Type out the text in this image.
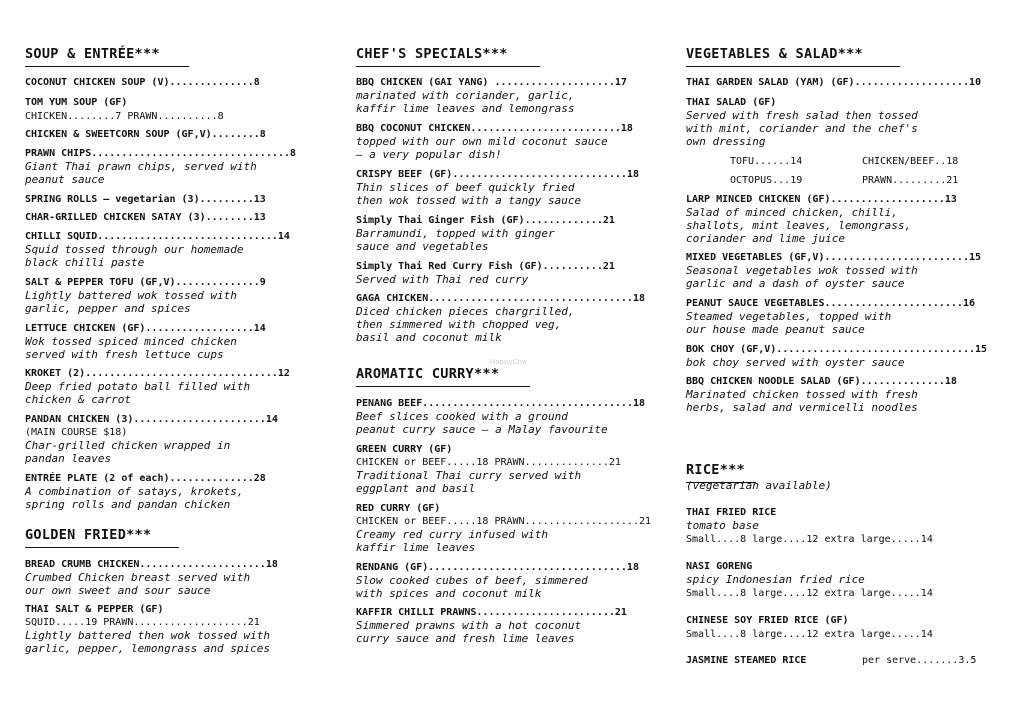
SOUP & ENTRÉE***
COCONUT CHICKEN SOUP (V)..............8
TOM YUM SOUP (GF)
CHICKEN........7 PRAWN..........8
CHICKEN & SWEETCORN SOUP (GF,V)........8
PRAWN CHIPS.................................8
Giant Thai prawn chips, served with
peanut sauce
SPRING ROLLS – vegetarian (3).........13
CHAR-GRILLED CHICKEN SATAY (3)........13
CHILLI SQUID..............................14
Squid tossed through our homemade
black chilli paste
SALT & PEPPER TOFU (GF,V)..............9
Lightly battered wok tossed with
garlic, pepper and spices
LETTUCE CHICKEN (GF)..................14
Wok tossed spiced minced chicken
served with fresh lettuce cups
KROKET (2)................................12
Deep fried potato ball filled with
chicken & carrot
PANDAN CHICKEN (3)......................14
(MAIN COURSE $18)
Char-grilled chicken wrapped in
pandan leaves
ENTRÉE PLATE (2 of each)..............28
A combination of satays, krokets,
spring rolls and pandan chicken
GOLDEN FRIED***
BREAD CRUMB CHICKEN.....................18
Crumbed Chicken breast served with
our own sweet and sour sauce
THAI SALT & PEPPER (GF)
SQUID.....19 PRAWN...................21
Lightly battered then wok tossed with
garlic, pepper, lemongrass and spices
CHEF'S SPECIALS***
BBQ CHICKEN (GAI YANG) ....................17
marinated with coriander, garlic,
kaffir lime leaves and lemongrass
BBQ COCONUT CHICKEN.........................18
topped with our own mild coconut sauce
– a very popular dish!
CRISPY BEEF (GF).............................18
Thin slices of beef quickly fried
then wok tossed with a tangy sauce
Simply Thai Ginger Fish (GF).............21
Barramundi, topped with ginger
sauce and vegetables
Simply Thai Red Curry Fish (GF)..........21
Served with Thai red curry
GAGA CHICKEN..................................18
Diced chicken pieces chargrilled,
then simmered with chopped veg,
basil and coconut milk
HappyCow
AROMATIC CURRY***
PENANG BEEF...................................18
Beef slices cooked with a ground
peanut curry sauce – a Malay favourite
GREEN CURRY (GF)
CHICKEN or BEEF.....18 PRAWN..............21
Traditional Thai curry served with
eggplant and basil
RED CURRY (GF)
CHICKEN or BEEF.....18 PRAWN...................21
Creamy red curry infused with
kaffir lime leaves
RENDANG (GF).................................18
Slow cooked cubes of beef, simmered
with spices and coconut milk
KAFFIR CHILLI PRAWNS.......................21
Simmered prawns with a hot coconut
curry sauce and fresh lime leaves
VEGETABLES & SALAD***
THAI GARDEN SALAD (YAM) (GF)...................10
THAI SALAD (GF)
Served with fresh salad then tossed
with mint, coriander and the chef's
own dressing
TOFU......14	CHICKEN/BEEF..18
OCTOPUS...19	PRAWN.........21
LARP MINCED CHICKEN (GF)...................13
Salad of minced chicken, chilli,
shallots, mint leaves, lemongrass,
coriander and lime juice
MIXED VEGETABLES (GF,V)........................15
Seasonal vegetables wok tossed with
garlic and a dash of oyster sauce
PEANUT SAUCE VEGETABLES.......................16
Steamed vegetables, topped with
our house made peanut sauce
BOK CHOY (GF,V).................................15
bok choy served with oyster sauce
BBQ CHICKEN NOODLE SALAD (GF)..............18
Marinated chicken tossed with fresh
herbs, salad and vermicelli noodles
RICE***
(vegetarian available)
THAI FRIED RICE
tomato base
Small....8 large....12 extra large.....14
NASI GORENG
spicy Indonesian fried rice
Small....8 large....12 extra large.....14
CHINESE SOY FRIED RICE (GF)
Small....8 large....12 extra large.....14
JASMINE STEAMED RICE	per serve.......3.5
